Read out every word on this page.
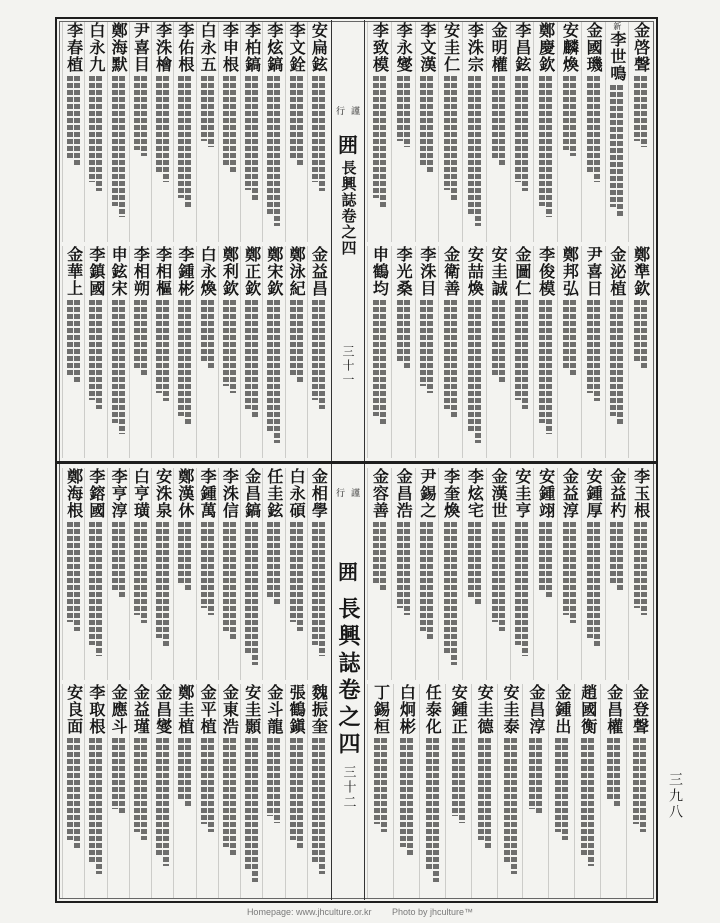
行 謹
囲
長興誌卷之四
三十一
金啓聲
新
李世鳴
金國璣
安麟煥
鄭慶欽
李昌鉉
金明權
李洙宗
安圭仁
李文漢
李永燮
李致模
安扁鉉
李文銓
李炫鎬
李柏鎬
李申根
白永五
李佑根
李洙檜
尹喜目
鄭海默
白永九
李春植
鄭準欽
金泌植
尹喜日
鄭邦弘
李俊模
金圖仁
安圭誠
安喆煥
金衛善
李洙目
李光桑
申鶴均
金益昌
鄭泳紀
鄭宋欽
鄭正欽
鄭利欽
白永煥
李鍾彬
李相樞
李相朔
申鉉宋
李鎮國
金華上
行 謹
囲
長興誌卷之四
三十二
李玉根
金益杓
安鍾厚
金益淳
安鍾翊
安圭亨
金漢世
李炫宅
李奎煥
尹錫之
金昌浩
金容善
金相學
白永碩
任圭鉉
金昌鎬
李洙信
李鍾萬
鄭漢休
安洙泉
白亨璜
李亨淳
李鎔國
鄭海根
金登聲
金昌權
趙國衡
金鍾出
金昌淳
安圭泰
安圭德
安鍾正
任泰化
白炯彬
丁錫桓
魏振奎
張鶴鎭
金斗龍
安圭顥
金東浩
金平植
鄭圭植
金昌燮
金益瑾
金應斗
李取根
安良面
三九八
Homepage: www.jhculture.or.kr Photo by jhculture™
